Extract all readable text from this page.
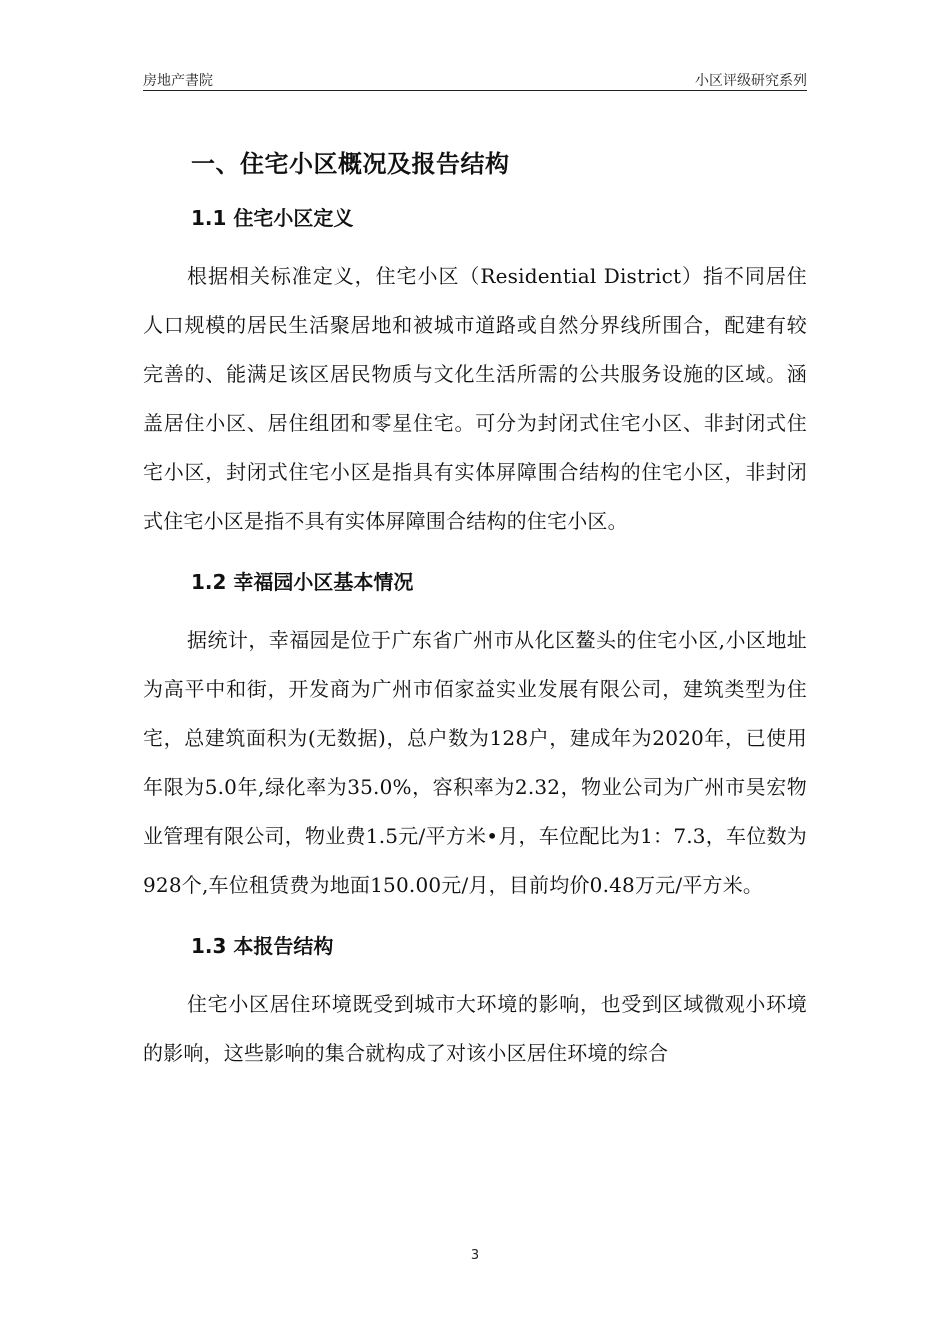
房地产書院	小区评级研究系列
一、住宅小区概况及报告结构
1.1 住宅小区定义

根据相关标准定义，住宅小区（Residential District）指不同居住人口规模的居民生活聚居地和被城市道路或自然分界线所围合，配建有较完善的、能满足该区居民物质与文化生活所需的公共服务设施的区域。涵盖居住小区、居住组团和零星住宅。可分为封闭式住宅小区、非封闭式住宅小区，封闭式住宅小区是指具有实体屏障围合结构的住宅小区，非封闭式住宅小区是指不具有实体屏障围合结构的住宅小区。

1.2 幸福园小区基本情况

据统计，幸福园是位于广东省广州市从化区鳌头的住宅小区,小区地址为高平中和街，开发商为广州市佰家益实业发展有限公司，建筑类型为住宅，总建筑面积为(无数据)，总户数为128户，建成年为2020年，已使用年限为5.0年,绿化率为35.0%，容积率为2.32，物业公司为广州市昊宏物业管理有限公司，物业费1.5元/平方米•月，车位配比为1：7.3，车位数为928个,车位租赁费为地面150.00元/月，目前均价0.48万元/平方米。

1.3 本报告结构

住宅小区居住环境既受到城市大环境的影响，也受到区域微观小环境的影响，这些影响的集合就构成了对该小区居住环境的综合

3
